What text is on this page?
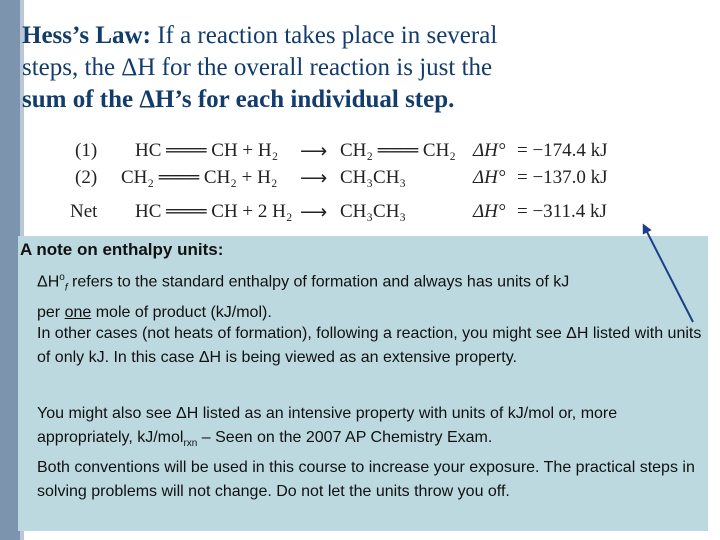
Hess’s Law: If a reaction takes place in several
steps, the ΔH for the overall reaction is just the
sum of the ΔH’s for each individual step.
(1) HC ═══ CH + H₂ ⟶ CH₂ ═══ CH₂ ΔH° = −174.4 kJ
(2) CH₂ ═══ CH₂ + H₂ ⟶ CH₃CH₃	ΔH° = −137.0 kJ
Net HC ═══ CH + 2 H₂ ⟶ CH₃CH₃	ΔH° = −311.4 kJ
A note on enthalpy units:
$\Delta H^o_f$ refers to the standard enthalpy of formation and always has units of kJ
per one mole of product (kJ/mol).
In other cases (not heats of formation), following a reaction, you might see ΔH listed with units of only kJ. In this case ΔH is being viewed as an extensive property.
You might also see ΔH listed as an intensive property with units of kJ/mol or, more appropriately, kJ/mol$_{rxn}$ – Seen on the 2007 AP Chemistry Exam.
Both conventions will be used in this course to increase your exposure. The practical steps in solving problems will not change. Do not let the units throw you off.
